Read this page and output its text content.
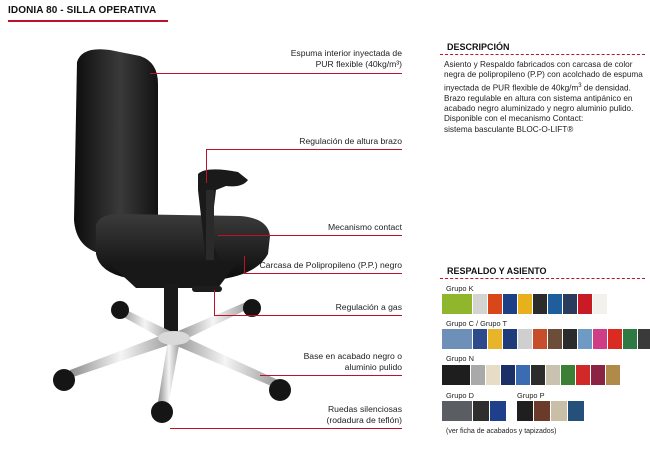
IDONIA 80 - SILLA OPERATIVA
Espuma interior inyectada de
PUR flexible (40kg/m³)
Regulación de altura brazo
Mecanismo contact
Carcasa de Polipropileno (P.P.) negro
Regulación a gas
Base en acabado negro o
aluminio pulido
Ruedas silenciosas
(rodadura de teflón)
DESCRIPCIÓN
Asiento y Respaldo fabricados con carcasa de color negra de polipropileno (P.P) con acolchado de espuma inyectada de PUR flexible de $40kg/m^3$ de densidad. Brazo regulable en altura con sistema antipánico en acabado negro aluminizado y negro aluminio pulido. Disponible con el mecanismo Contact:
sistema basculante BLOC-O-LIFT®
RESPALDO Y ASIENTO
Grupo K
Grupo C / Grupo T
Grupo N
Grupo D	Grupo P
(ver ficha de acabados y tapizados)
